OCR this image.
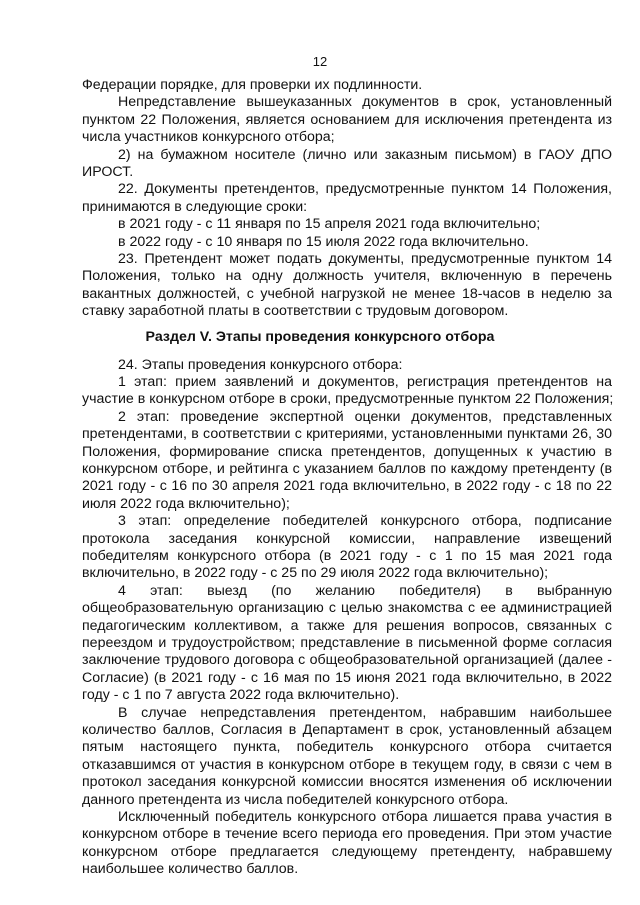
12

Федерации порядке, для проверки их подлинности.

Непредставление вышеуказанных документов в срок, установленный

пунктом 22 Положения, является основанием для исключения претендента из

числа участников конкурсного отбора;

2) на бумажном носителе (лично или заказным письмом) в ГАОУ ДПО

ИРОСТ.

22. Документы претендентов, предусмотренные пунктом 14 Положения,

принимаются в следующие сроки:

в 2021 году - с 11 января по 15 апреля 2021 года включительно;

в 2022 году - с 10 января по 15 июля 2022 года включительно.

23. Претендент может подать документы, предусмотренные пунктом 14

Положения, только на одну должность учителя, включенную в перечень

вакантных должностей, с учебной нагрузкой не менее 18-часов в неделю за

ставку заработной платы в соответствии с трудовым договором.

Раздел V. Этапы проведения конкурсного отбора

24. Этапы проведения конкурсного отбора:

1 этап: прием заявлений и документов, регистрация претендентов на

участие в конкурсном отборе в сроки, предусмотренные пунктом 22 Положения;

2 этап: проведение экспертной оценки документов, представленных

претендентами, в соответствии с критериями, установленными пунктами 26, 30

Положения, формирование списка претендентов, допущенных к участию в

конкурсном отборе, и рейтинга с указанием баллов по каждому претенденту (в

2021 году - с 16 по 30 апреля 2021 года включительно, в 2022 году - с 18 по 22

июля 2022 года включительно);

3 этап: определение победителей конкурсного отбора, подписание

протокола заседания конкурсной комиссии, направление извещений

победителям конкурсного отбора (в 2021 году - с 1 по 15 мая 2021 года

включительно, в 2022 году - с 25 по 29 июля 2022 года включительно);

4 этап: выезд (по желанию победителя) в выбранную

общеобразовательную организацию с целью знакомства с ее администрацией

педагогическим коллективом, а также для решения вопросов, связанных с

переездом и трудоустройством; представление в письменной форме согласия

заключение трудового договора с общеобразовательной организацией (далее -

Согласие) (в 2021 году - с 16 мая по 15 июня 2021 года включительно, в 2022

году - с 1 по 7 августа 2022 года включительно).

В случае непредставления претендентом, набравшим наибольшее

количество баллов, Согласия в Департамент в срок, установленный абзацем

пятым настоящего пункта, победитель конкурсного отбора считается

отказавшимся от участия в конкурсном отборе в текущем году, в связи с чем в

протокол заседания конкурсной комиссии вносятся изменения об исключении

данного претендента из числа победителей конкурсного отбора.

Исключенный победитель конкурсного отбора лишается права участия в

конкурсном отборе в течение всего периода его проведения. При этом участие

конкурсном отборе предлагается следующему претенденту, набравшему

наибольшее количество баллов.
